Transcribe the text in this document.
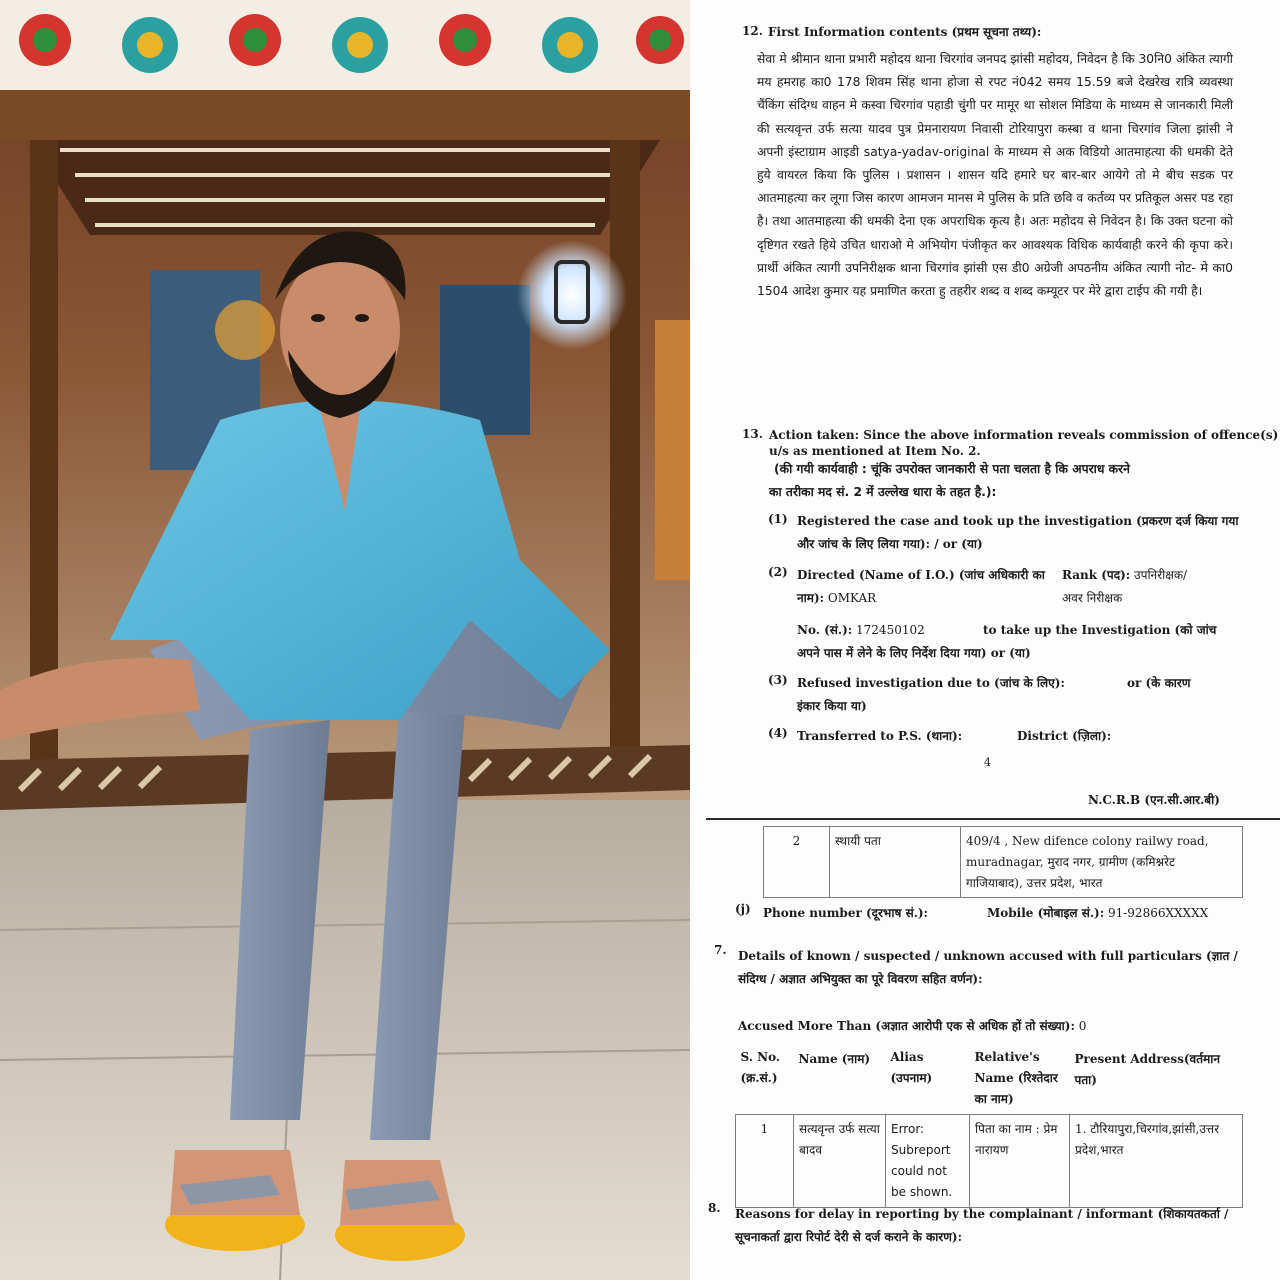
12. First Information contents (प्रथम सूचना तथ्य):
सेवा मे श्रीमान थाना प्रभारी महोदय थाना चिरगांव जनपद झांसी महोदय, निवेदन है कि 30नि0 अंकित त्यागी मय हमराह का0 178 शिवम सिंह थाना होजा से रपट नं042 समय 15.59 बजे देखरेख रात्रि व्यवस्था चैंकिंग संदिग्ध वाहन मे कस्वा चिरगांव पहाडी चुंगी पर मामूर था सोशल मिडिया के माध्यम से जानकारी मिली की सत्यवृन्त उर्फ सत्या यादव पुत्र प्रेमनारायण निवासी टोरियापुरा कस्बा व थाना चिरगांव जिला झांसी ने अपनी इंस्टाग्राम आइडी satya-yadav-original के माध्यम से अक विडियो आतमाहत्या की धमकी देते हुये वायरल किया कि पुलिस । प्रशासन । शासन यदि हमारे घर बार-बार आयेगे तो मे बीच सडक पर आतमाहत्या कर लूगा जिस कारण आमजन मानस मे पुलिस के प्रति छवि व कर्तव्य पर प्रतिकूल असर पड रहा है। तथा आतमाहत्या की धमकी देना एक अपराधिक कृत्य है। अतः महोदय से निवेदन है। कि उक्त घटना को दृष्टिगत रखते हिये उचित धाराओ मे अभियोग पंजीकृत कर आवश्यक विधिक कार्यवाही करने की कृपा करे। प्रार्थी अंकित त्यागी उपनिरीक्षक थाना चिरगांव झांसी एस डी0 अग्रेजी अपठनीय अंकित त्यागी नोट- मे का0 1504 आदेश कुमार यह प्रमाणित करता हु तहरीर शब्द व शब्द कम्यूटर पर मेरे द्वारा टाईप की गयी है।
13. Action taken: Since the above information reveals commission of offence(s)
u/s as mentioned at Item No. 2.
(की गयी कार्यवाही : चूंकि उपरोक्त जानकारी से पता चलता है कि अपराध करने
का तरीका मद सं. 2 में उल्लेख धारा के तहत है.):
(1) Registered the case and took up the investigation (प्रकरण दर्ज किया गया
और जांच के लिए लिया गया): / or (या)
(2) Directed (Name of I.O.) (जांच अधिकारी का
नाम): OMKAR
Rank (पद): उपनिरीक्षक/
अवर निरीक्षक
No. (सं.): 172450102	to take up the Investigation (को जांच
अपने पास में लेने के लिए निर्देश दिया गया) or (या)
(3) Refused investigation due to (जांच के लिए):	or (के कारण
इंकार किया या)
(4) Transferred to P.S. (थाना):	District (ज़िला):
4
N.C.R.B (एन.सी.आर.बी)
2	स्थायी पता	409/4 , New difence colony railwy road,
muradnagar, मुराद नगर, ग्रामीण (कमिश्नरेट
गाजियाबाद), उत्तर प्रदेश, भारत
(j) Phone number (दूरभाष सं.):	Mobile (मोबाइल सं.): 91-92866XXXXX
7. Details of known / suspected / unknown accused with full particulars (ज्ञात /
संदिग्ध / अज्ञात अभियुक्त का पूरे विवरण सहित वर्णन):
Accused More Than (अज्ञात आरोपी एक से अधिक हों तो संख्या): 0
S. No. (क्र.सं.)	Name (नाम)	Alias (उपनाम)	Relative's Name (रिश्तेदार का नाम)	Present Address(वर्तमान पता)
1	सत्यवृन्त उर्फ सत्या बादव	Error: Subreport could not be shown.	पिता का नाम : प्रेम नारायण	1. टौरियापुरा,चिरगांव,झांसी,उत्तर प्रदेश,भारत
8. Reasons for delay in reporting by the complainant / informant (शिकायतकर्ता /
सूचनाकर्ता द्वारा रिपोर्ट देरी से दर्ज कराने के कारण):
